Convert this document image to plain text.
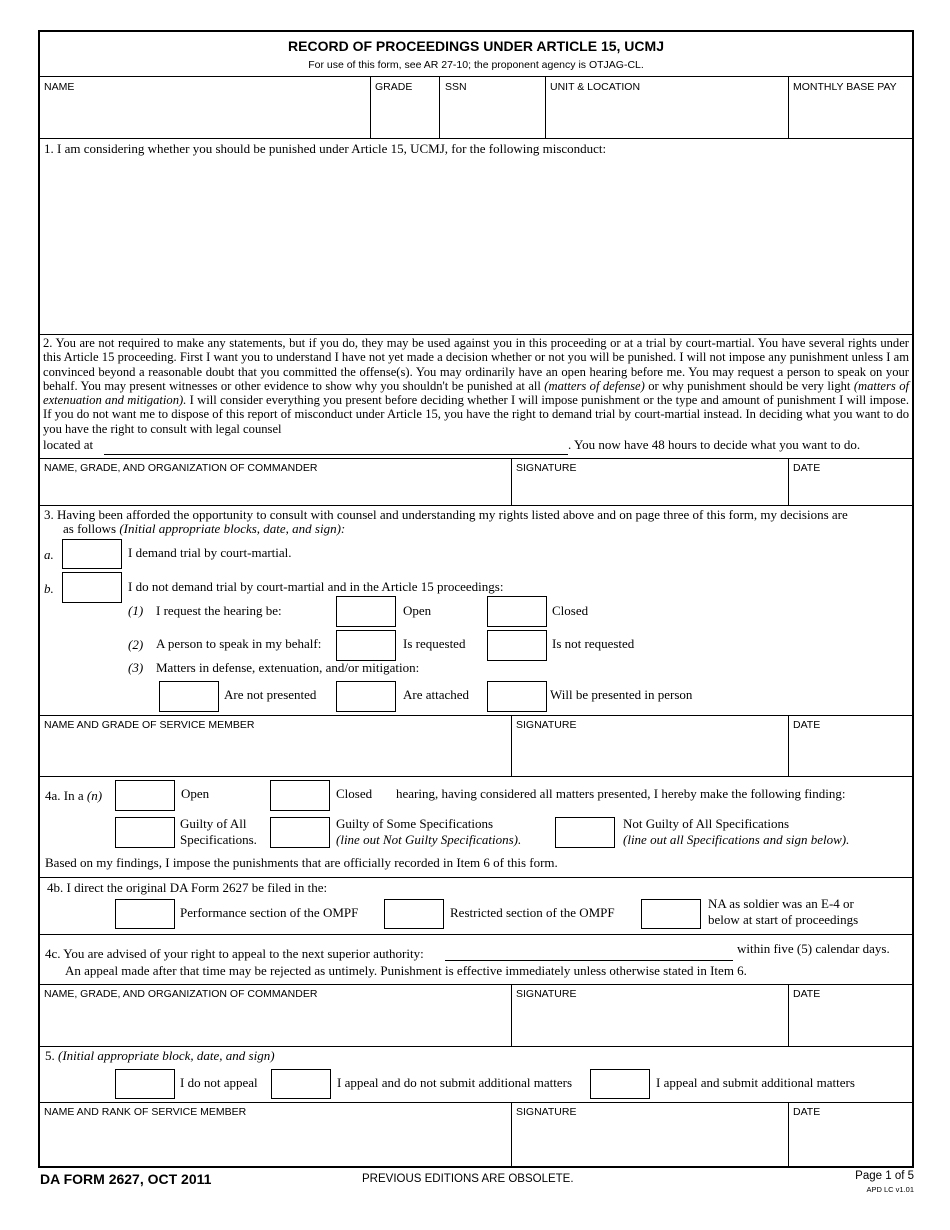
RECORD OF PROCEEDINGS UNDER ARTICLE 15, UCMJ
For use of this form, see AR 27-10; the proponent agency is OTJAG-CL.
NAME	GRADE	SSN	UNIT & LOCATION	MONTHLY BASE PAY
1. I am considering whether you should be punished under Article 15, UCMJ, for the following misconduct:
2. You are not required to make any statements, but if you do, they may be used against you in this proceeding or at a trial by court-martial. You have several rights under this Article 15 proceeding. First I want you to understand I have not yet made a decision whether or not you will be punished. I will not impose any punishment unless I am convinced beyond a reasonable doubt that you committed the offense(s). You may ordinarily have an open hearing before me. You may request a person to speak on your behalf. You may present witnesses or other evidence to show why you shouldn't be punished at all (matters of defense) or why punishment should be very light (matters of extenuation and mitigation). I will consider everything you present before deciding whether I will impose punishment or the type and amount of punishment I will impose. If you do not want me to dispose of this report of misconduct under Article 15, you have the right to demand trial by court-martial instead. In deciding what you want to do you have the right to consult with legal counsel
located at	. You now have 48 hours to decide what you want to do.
NAME, GRADE, AND ORGANIZATION OF COMMANDER	SIGNATURE	DATE
3. Having been afforded the opportunity to consult with counsel and understanding my rights listed above and on page three of this form, my decisions are
as follows (Initial appropriate blocks, date, and sign):
a.	I demand trial by court-martial.
b.	I do not demand trial by court-martial and in the Article 15 proceedings:
(1) I request the hearing be:	Open	Closed
(2) A person to speak in my behalf:	Is requested	Is not requested
(3) Matters in defense, extenuation, and/or mitigation:
Are not presented	Are attached	Will be presented in person
NAME AND GRADE OF SERVICE MEMBER	SIGNATURE	DATE
4a. In a (n)	Open	Closed hearing, having considered all matters presented, I hereby make the following finding:
Guilty of All
Specifications.
Guilty of Some Specifications
(line out Not Guilty Specifications).
Not Guilty of All Specifications
(line out all Specifications and sign below).
Based on my findings, I impose the punishments that are officially recorded in Item 6 of this form.
4b. I direct the original DA Form 2627 be filed in the:
Performance section of the OMPF	Restricted section of the OMPF
NA as soldier was an E-4 or
below at start of proceedings
4c. You are advised of your right to appeal to the next superior authority:	within five (5) calendar days.
An appeal made after that time may be rejected as untimely. Punishment is effective immediately unless otherwise stated in Item 6.
NAME, GRADE, AND ORGANIZATION OF COMMANDER	SIGNATURE	DATE
5. (Initial appropriate block, date, and sign)
I do not appeal	I appeal and do not submit additional matters	I appeal and submit additional matters
NAME AND RANK OF SERVICE MEMBER	SIGNATURE	DATE
DA FORM 2627, OCT 2011	PREVIOUS EDITIONS ARE OBSOLETE.	Page 1 of 5
APD LC v1.01
